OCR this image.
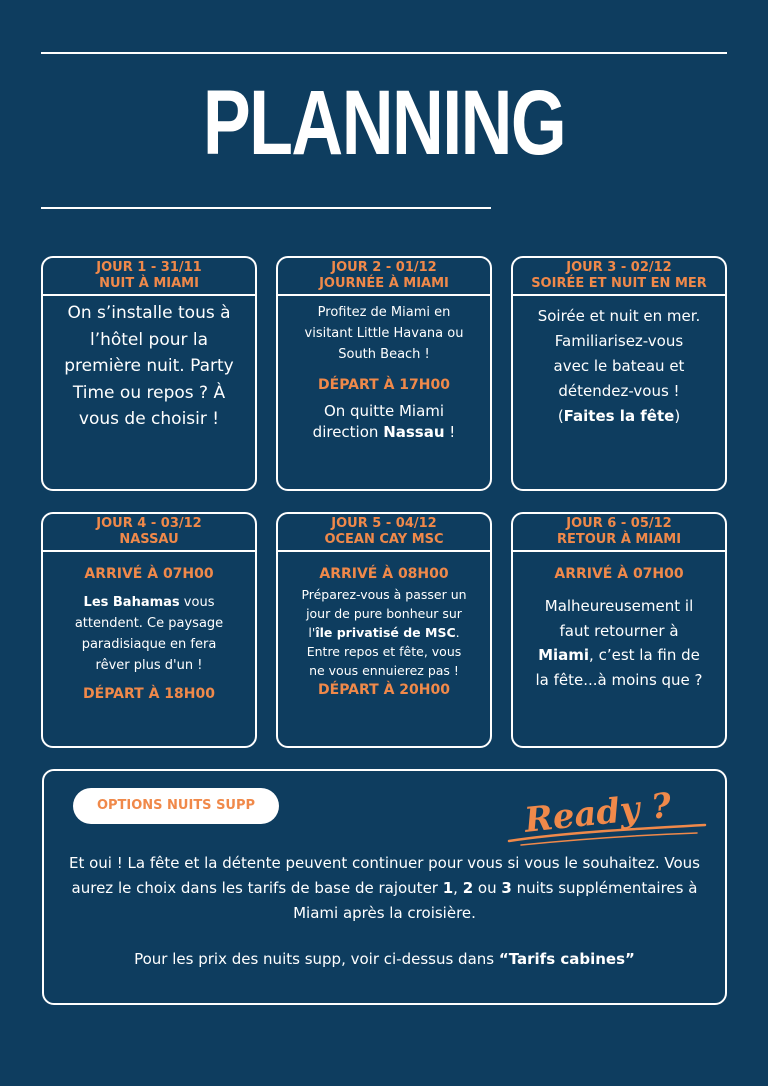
PLANNING
JOUR 1 - 31/11
NUIT À MIAMI
On s’installe tous à l’hôtel pour la première nuit. Party Time ou repos ? À vous de choisir !
JOUR 2 - 01/12
JOURNÉE À MIAMI
Profitez de Miami en visitant Little Havana ou South Beach !
DÉPART À 17H00
On quitte Miami direction Nassau !
JOUR 3 - 02/12
SOIRÉE ET NUIT EN MER
Soirée et nuit en mer. Familiarisez-vous avec le bateau et détendez-vous ! (Faites la fête)
JOUR 4 - 03/12
NASSAU
ARRIVÉ À 07H00
Les Bahamas vous attendent. Ce paysage paradisiaque en fera rêver plus d'un !
DÉPART À 18H00
JOUR 5 - 04/12
OCEAN CAY MSC
ARRIVÉ À 08H00
Préparez-vous à passer un jour de pure bonheur sur l'île privatisé de MSC. Entre repos et fête, vous ne vous ennuierez pas !
DÉPART À 20H00
JOUR 6 - 05/12
RETOUR À MIAMI
ARRIVÉ À 07H00
Malheureusement il faut retourner à Miami, c’est la fin de la fête...à moins que ?
OPTIONS NUITS SUPP	Ready ?
Et oui ! La fête et la détente peuvent continuer pour vous si vous le souhaitez. Vous aurez le choix dans les tarifs de base de rajouter 1, 2 ou 3 nuits supplémentaires à Miami après la croisière.
Pour les prix des nuits supp, voir ci-dessus dans “Tarifs cabines”
